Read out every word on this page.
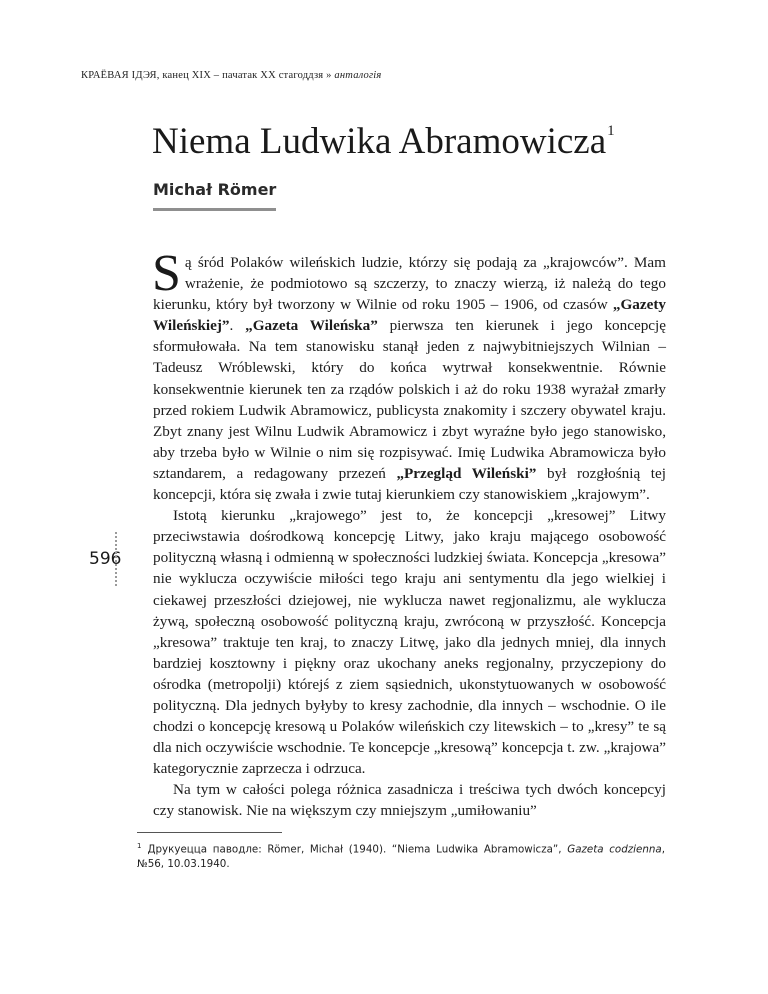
КРАЁВАЯ ІДЭЯ, канец ХІХ – пачатак ХХ стагоддзя » анталогія
Niema Ludwika Abramowicza$^1$

Michał Römer

596

Są śród Polaków wileńskich ludzie, którzy się podają za „krajowców”. Mam wrażenie, że podmiotowo są szczerzy, to znaczy wierzą, iż należą do tego kierunku, który był tworzony w Wilnie od roku 1905 – 1906, od czasów „Gazety Wileńskiej”. „Gazeta Wileńska” pierwsza ten kierunek i jego koncepcję sformułowała. Na tem stanowisku stanął jeden z najwybitniejszych Wilnian – Tadeusz Wróblewski, który do końca wytrwał konsekwentnie. Równie konsekwentnie kierunek ten za rządów polskich i aż do roku 1938 wyrażał zmarły przed rokiem Ludwik Abramowicz, publicysta znakomity i szczery obywatel kraju. Zbyt znany jest Wilnu Ludwik Abramowicz i zbyt wyraźne było jego stanowisko, aby trzeba było w Wilnie o nim się rozpisywać. Imię Ludwika Abramowicza było sztandarem, a redagowany przezeń „Przegląd Wileński” był rozgłośnią tej koncepcji, która się zwała i zwie tutaj kierunkiem czy stanowiskiem „krajowym”.

Istotą kierunku „krajowego” jest to, że koncepcji „kresowej” Litwy przeciwstawia dośrodkową koncepcję Litwy, jako kraju mającego osobowość polityczną własną i odmienną w społeczności ludzkiej świata. Koncepcja „kresowa” nie wyklucza oczywiście miłości tego kraju ani sentymentu dla jego wielkiej i ciekawej przeszłości dziejowej, nie wyklucza nawet regjonalizmu, ale wyklucza żywą, społeczną osobowość polityczną kraju, zwróconą w przyszłość. Koncepcja „kresowa” traktuje ten kraj, to znaczy Litwę, jako dla jednych mniej, dla innych bardziej kosztowny i piękny oraz ukochany aneks regjonalny, przyczepiony do ośrodka (metropolji) którejś z ziem sąsiednich, ukonstytuowanych w osobowość polityczną. Dla jednych byłyby to kresy zachodnie, dla innych – wschodnie. O ile chodzi o koncepcję kresową u Polaków wileńskich czy litewskich – to „kresy” te są dla nich oczywiście wschodnie. Te koncepcje „kresową” koncepcja t. zw. „krajowa” kategorycznie zaprzecza i odrzuca.

Na tym w całości polega różnica zasadnicza i treściwa tych dwóch koncepcyj czy stanowisk. Nie na większym czy mniejszym „umiłowaniu”

$^1$ Друкуецца паводле: Römer, Michał (1940). “Niema Ludwika Abramowicza”, Gazeta codzienna, №56, 10.03.1940.
